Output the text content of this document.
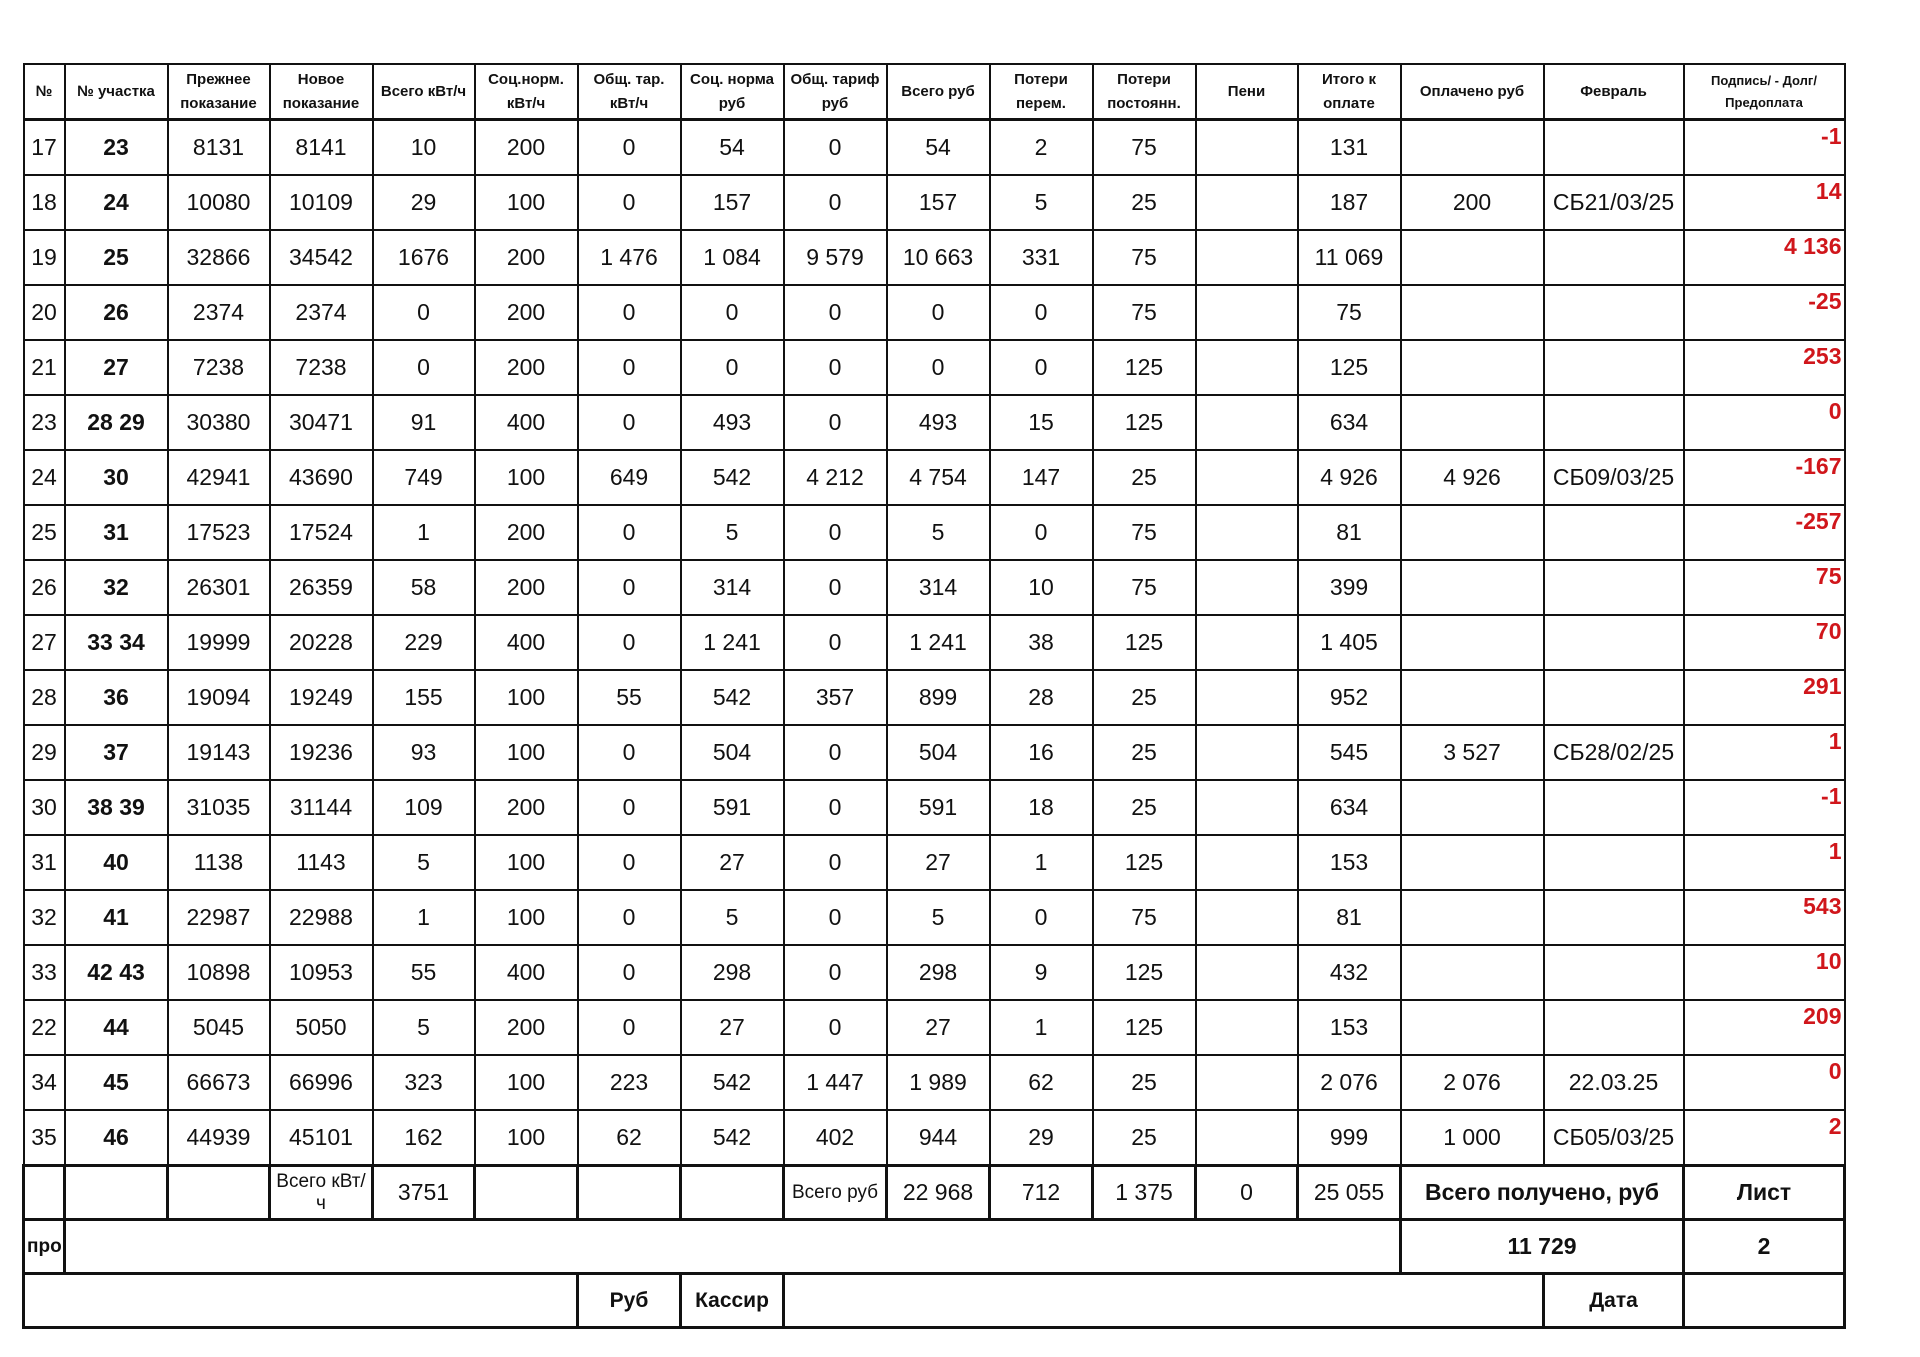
№	№ участка	Прежнее показание	Новое показание	Всего кВт/ч	Соц.норм. кВт/ч	Общ. тар. кВт/ч	Соц. норма руб	Общ. тариф руб	Всего руб	Потери перем.	Потери постоянн.	Пени	Итого к оплате	Оплачено руб	Февраль	Подпись/ - Долг/Предоплата
17	23	8131	8141	10	200	0	54	0	54	2	75		131			-1
18	24	10080	10109	29	100	0	157	0	157	5	25		187	200	СБ21/03/25	14
19	25	32866	34542	1676	200	1 476	1 084	9 579	10 663	331	75		11 069			4 136
20	26	2374	2374	0	200	0	0	0	0	0	75		75			-25
21	27	7238	7238	0	200	0	0	0	0	0	125		125			253
23	28 29	30380	30471	91	400	0	493	0	493	15	125		634			0
24	30	42941	43690	749	100	649	542	4 212	4 754	147	25		4 926	4 926	СБ09/03/25	-167
25	31	17523	17524	1	200	0	5	0	5	0	75		81			-257
26	32	26301	26359	58	200	0	314	0	314	10	75		399			75
27	33 34	19999	20228	229	400	0	1 241	0	1 241	38	125		1 405			70
28	36	19094	19249	155	100	55	542	357	899	28	25		952			291
29	37	19143	19236	93	100	0	504	0	504	16	25		545	3 527	СБ28/02/25	1
30	38 39	31035	31144	109	200	0	591	0	591	18	25		634			-1
31	40	1138	1143	5	100	0	27	0	27	1	125		153			1
32	41	22987	22988	1	100	0	5	0	5	0	75		81			543
33	42 43	10898	10953	55	400	0	298	0	298	9	125		432			10
22	44	5045	5050	5	200	0	27	0	27	1	125		153			209
34	45	66673	66996	323	100	223	542	1 447	1 989	62	25		2 076	2 076	22.03.25	0
35	46	44939	45101	162	100	62	542	402	944	29	25		999	1 000	СБ05/03/25	2
			Всего кВт/ч	3751				Всего руб	22 968	712	1 375	0	25 055	Всего получено, руб		Лист
про														11 729		2
						Руб	Кассир								Дата	
